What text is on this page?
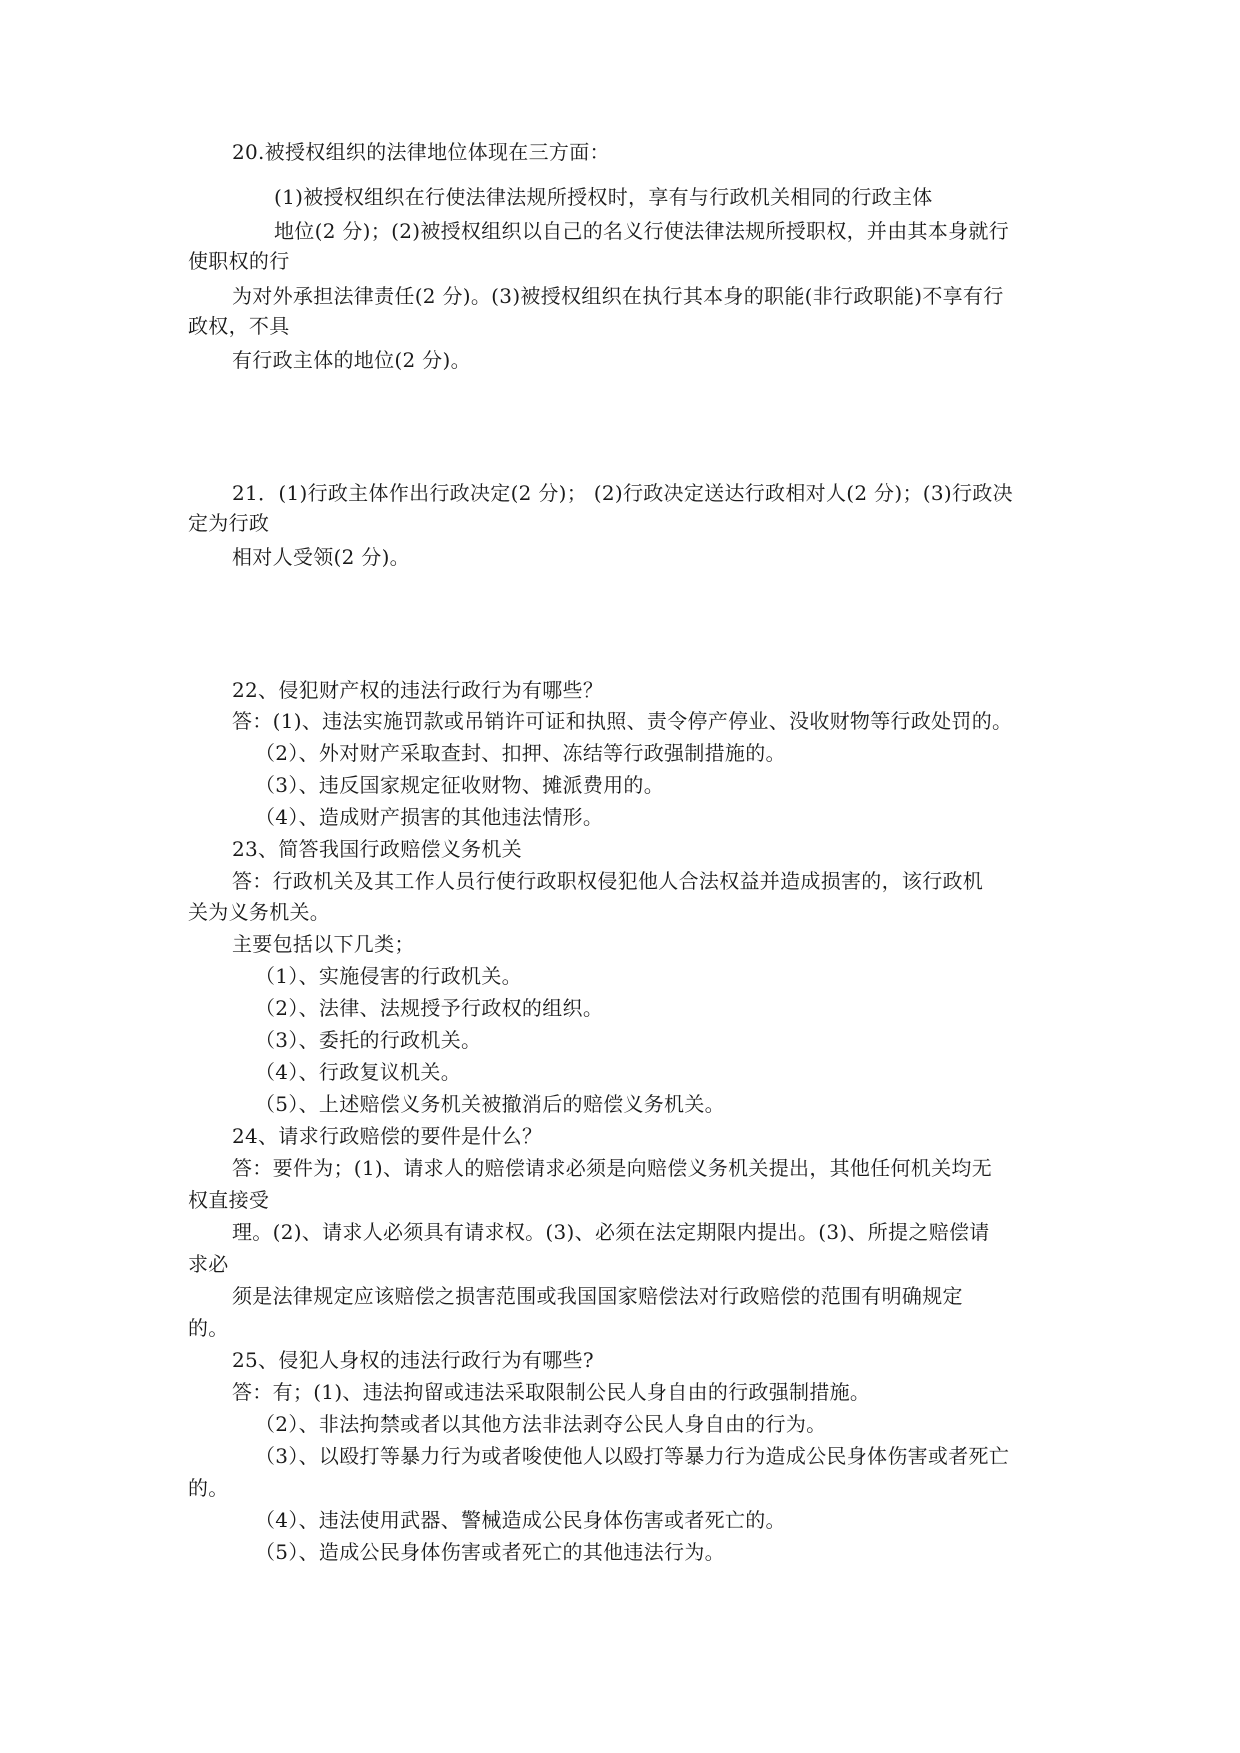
20.被授权组织的法律地位体现在三方面：
(1)被授权组织在行使法律法规所授权时，享有与行政机关相同的行政主体
地位(2 分)；(2)被授权组织以自己的名义行使法律法规所授职权，并由其本身就行
使职权的行
为对外承担法律责任(2 分)。(3)被授权组织在执行其本身的职能(非行政职能)不享有行
政权，不具
有行政主体的地位(2 分)。
21．(1)行政主体作出行政决定(2 分)； (2)行政决定送达行政相对人(2 分)；(3)行政决
定为行政
相对人受领(2 分)。
22、侵犯财产权的违法行政行为有哪些？
答：(1)、违法实施罚款或吊销许可证和执照、责令停产停业、没收财物等行政处罚的。
（2）、外对财产采取查封、扣押、冻结等行政强制措施的。
（3）、违反国家规定征收财物、摊派费用的。
（4）、造成财产损害的其他违法情形。
23、简答我国行政赔偿义务机关
答：行政机关及其工作人员行使行政职权侵犯他人合法权益并造成损害的，该行政机
关为义务机关。
主要包括以下几类；
（1）、实施侵害的行政机关。
（2）、法律、法规授予行政权的组织。
（3）、委托的行政机关。
（4）、行政复议机关。
（5）、上述赔偿义务机关被撤消后的赔偿义务机关。
24、请求行政赔偿的要件是什么？
答：要件为；(1)、请求人的赔偿请求必须是向赔偿义务机关提出，其他任何机关均无
权直接受
理。(2)、请求人必须具有请求权。(3)、必须在法定期限内提出。(3)、所提之赔偿请
求必
须是法律规定应该赔偿之损害范围或我国国家赔偿法对行政赔偿的范围有明确规定
的。
25、侵犯人身权的违法行政行为有哪些?
答：有；(1)、违法拘留或违法采取限制公民人身自由的行政强制措施。
（2）、非法拘禁或者以其他方法非法剥夺公民人身自由的行为。
（3）、以殴打等暴力行为或者唆使他人以殴打等暴力行为造成公民身体伤害或者死亡
的。
（4）、违法使用武器、警械造成公民身体伤害或者死亡的。
（5）、造成公民身体伤害或者死亡的其他违法行为。
